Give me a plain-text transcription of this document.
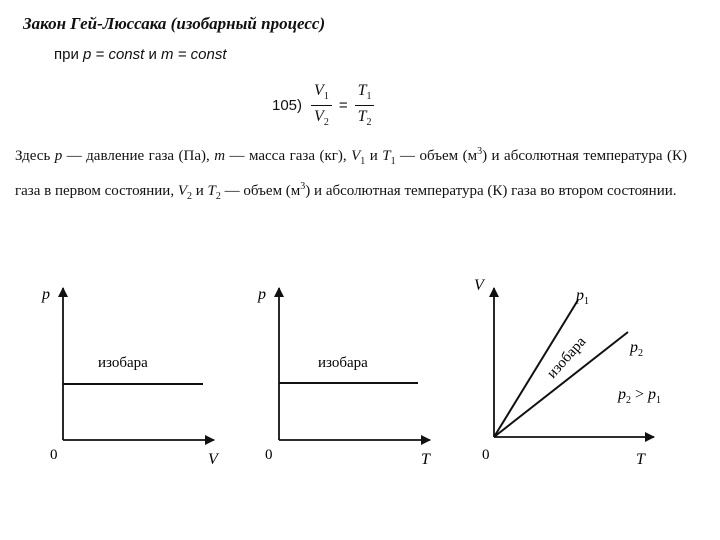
Закон Гей-Люссака (изобарный процесс)
при p = const и m = const
$105) \frac{V_1}{V_2} = \frac{T_1}{T_2}$
Здесь p — давление газа (Па), m — масса газа (кг), $V_1$ и $T_1$ — объем $(м^3)$ и абсолютная температура (К) газа в первом состоянии, $V_2$ и $T_2$ — объем $(м^3)$ и абсолютная температура (К) газа во втором состоянии.
p
V
0
изобара
p
T
0
изобара
V
T
0
изобара
$p_1$
$p_2$
$p_2 > p_1$
